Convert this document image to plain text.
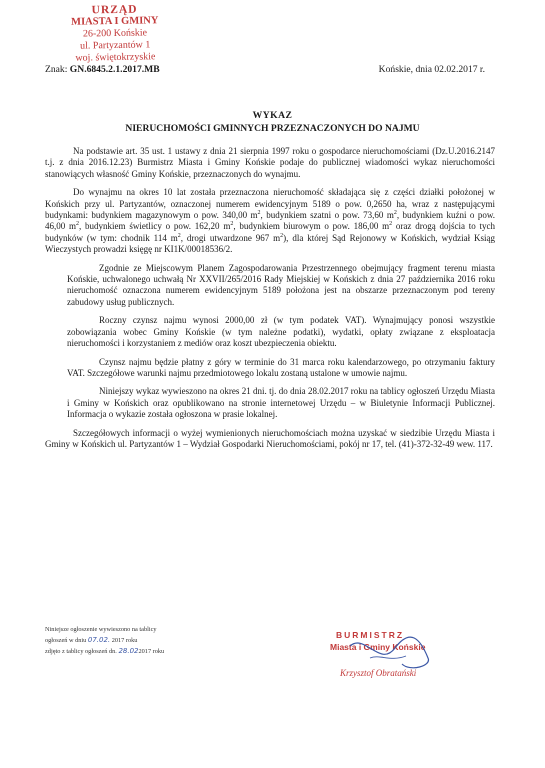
URZĄD
MIASTA I GMINY
26-200 Końskie
ul. Partyzantów 1
woj. świętokrzyskie
Znak: GN.6845.2.1.2017.MB	Końskie, dnia 02.02.2017 r.
WYKAZ
NIERUCHOMOŚCI GMINNYCH PRZEZNACZONYCH DO NAJMU

Na podstawie art. 35 ust. 1 ustawy z dnia 21 sierpnia 1997 roku o gospodarce nieruchomościami (Dz.U.2016.2147 t.j. z dnia 2016.12.23) Burmistrz Miasta i Gminy Końskie podaje do publicznej wiadomości wykaz nieruchomości stanowiących własność Gminy Końskie, przeznaczonych do wynajmu.

Do wynajmu na okres 10 lat została przeznaczona nieruchomość składająca się z części działki położonej w Końskich przy ul. Partyzantów, oznaczonej numerem ewidencyjnym 5189 o pow. 0,2650 ha, wraz z następującymi budynkami: budynkiem magazynowym o pow. 340,00 $m^2$, budynkiem szatni o pow. 73,60 $m^2$, budynkiem kuźni o pow. 46,00 $m^2$, budynkiem świetlicy o pow. 162,20 $m^2$, budynkiem biurowym o pow. 186,00 $m^2$ oraz drogą dojścia to tych budynków (w tym: chodnik 114 $m^2$, drogi utwardzone 967 $m^2$), dla której Sąd Rejonowy w Końskich, wydział Ksiąg Wieczystych prowadzi księgę nr KI1K/00018536/2.

Zgodnie ze Miejscowym Planem Zagospodarowania Przestrzennego obejmujący fragment terenu miasta Końskie, uchwalonego uchwałą Nr XXVII/265/2016 Rady Miejskiej w Końskich z dnia 27 października 2016 roku nieruchomość oznaczona numerem ewidencyjnym 5189 położona jest na obszarze przeznaczonym pod tereny zabudowy usług publicznych.

Roczny czynsz najmu wynosi 2000,00 zł (w tym podatek VAT). Wynajmujący ponosi wszystkie zobowiązania wobec Gminy Końskie (w tym należne podatki), wydatki, opłaty związane z eksploatacja nieruchomości i korzystaniem z mediów oraz koszt ubezpieczenia obiektu.

Czynsz najmu będzie płatny z góry w terminie do 31 marca roku kalendarzowego, po otrzymaniu faktury VAT. Szczegółowe warunki najmu przedmiotowego lokalu zostaną ustalone w umowie najmu.

Niniejszy wykaz wywieszono na okres 21 dni. tj. do dnia 28.02.2017 roku na tablicy ogłoszeń Urzędu Miasta i Gminy w Końskich oraz opublikowano na stronie internetowej Urzędu – w Biuletynie Informacji Publicznej. Informacja o wykazie została ogłoszona w prasie lokalnej.

Szczegółowych informacji o wyżej wymienionych nieruchomościach można uzyskać w siedzibie Urzędu Miasta i Gminy w Końskich ul. Partyzantów 1 – Wydział Gospodarki Nieruchomościami, pokój nr 17, tel. (41)-372-32-49 wew. 117.

Niniejsze ogłoszenie wywieszono na tablicy
ogłoszeń w dniu 07.02. 2017 roku
zdjęto z tablicy ogłoszeń dn. 28.022017 roku
BURMISTRZ
Miasta i Gminy Końskie
Krzysztof Obratański
